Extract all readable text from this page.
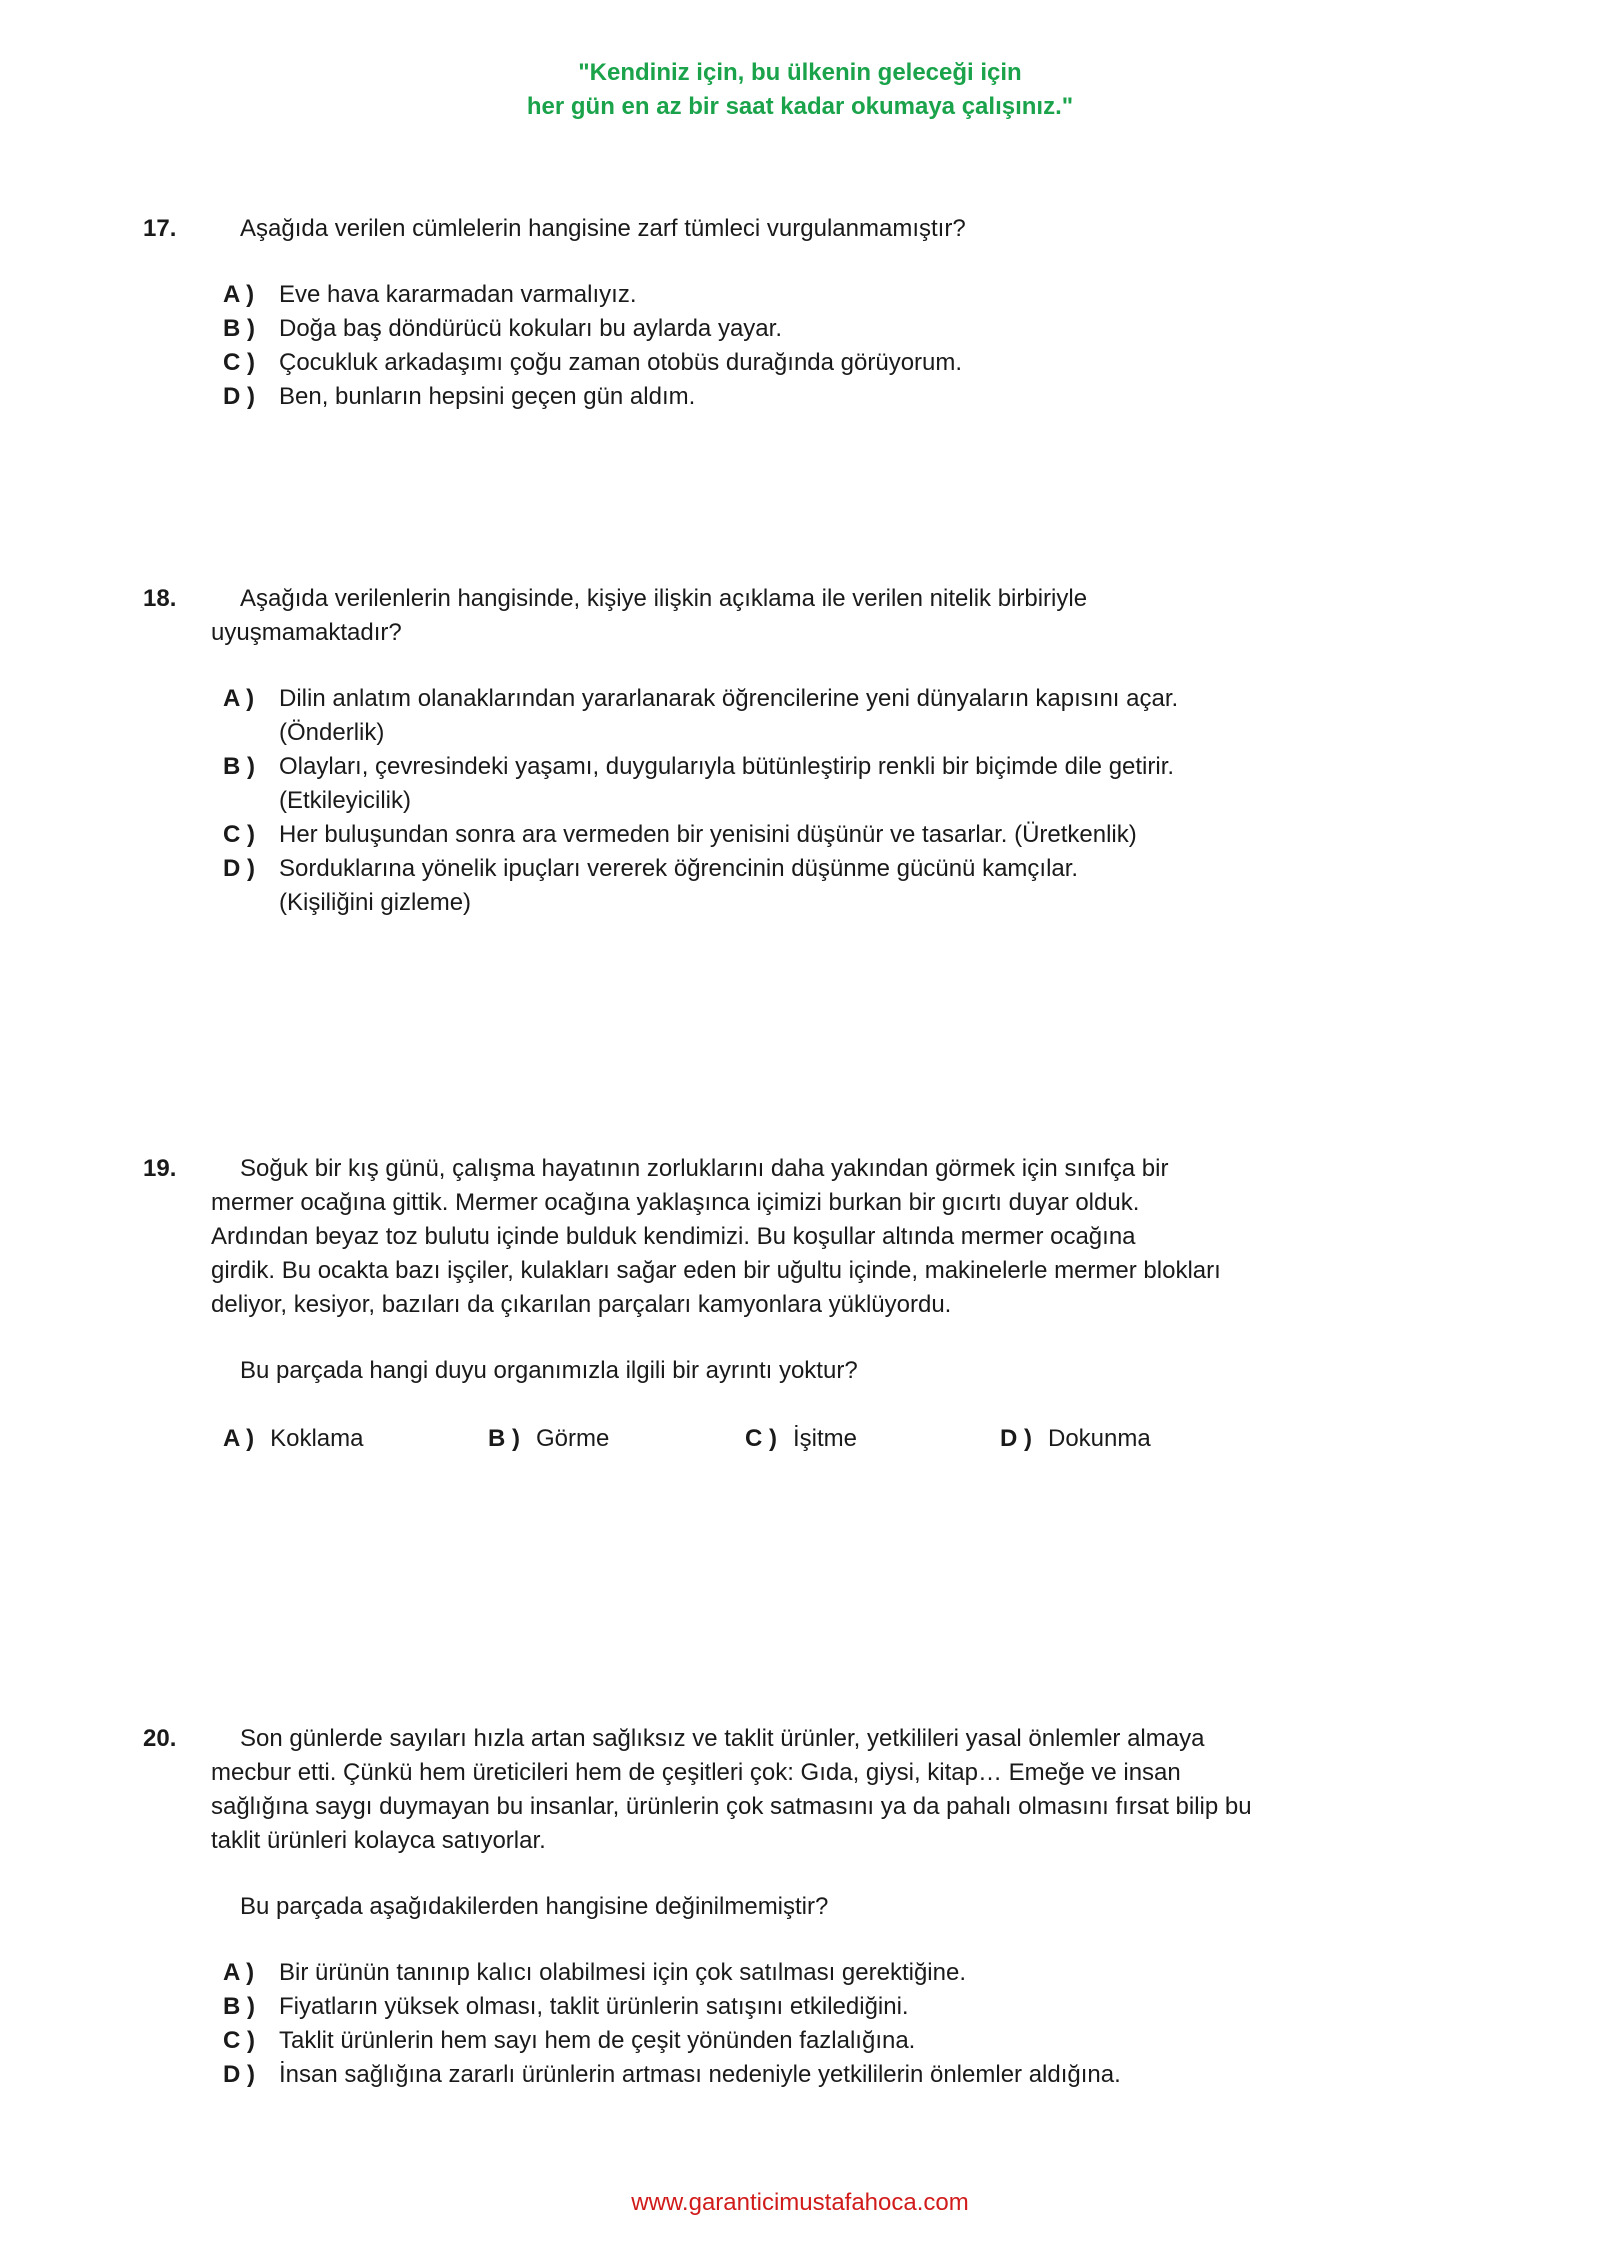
"Kendiniz için, bu ülkenin geleceği için
her gün en az bir saat kadar okumaya çalışınız."
17.	Aşağıda verilen cümlelerin hangisine zarf tümleci vurgulanmamıştır?
A ) Eve hava kararmadan varmalıyız.
B ) Doğa baş döndürücü kokuları bu aylarda yayar.
C ) Çocukluk arkadaşımı çoğu zaman otobüs durağında görüyorum.
D ) Ben, bunların hepsini geçen gün aldım.
18.	Aşağıda verilenlerin hangisinde, kişiye ilişkin açıklama ile verilen nitelik birbiriyle
uyuşmamaktadır?
A ) Dilin anlatım olanaklarından yararlanarak öğrencilerine yeni dünyaların kapısını açar.
(Önderlik)
B ) Olayları, çevresindeki yaşamı, duygularıyla bütünleştirip renkli bir biçimde dile getirir.
(Etkileyicilik)
C ) Her buluşundan sonra ara vermeden bir yenisini düşünür ve tasarlar. (Üretkenlik)
D ) Sorduklarına yönelik ipuçları vererek öğrencinin düşünme gücünü kamçılar.
(Kişiliğini gizleme)
19.	Soğuk bir kış günü, çalışma hayatının zorluklarını daha yakından görmek için sınıfça bir
mermer ocağına gittik. Mermer ocağına yaklaşınca içimizi burkan bir gıcırtı duyar olduk.
Ardından beyaz toz bulutu içinde bulduk kendimizi. Bu koşullar altında mermer ocağına
girdik. Bu ocakta bazı işçiler, kulakları sağar eden bir uğultu içinde, makinelerle mermer blokları
deliyor, kesiyor, bazıları da çıkarılan parçaları kamyonlara yüklüyordu.
Bu parçada hangi duyu organımızla ilgili bir ayrıntı yoktur?
A ) Koklama	B ) Görme	C ) İşitme	D ) Dokunma
20.	Son günlerde sayıları hızla artan sağlıksız ve taklit ürünler, yetkilileri yasal önlemler almaya
mecbur etti. Çünkü hem üreticileri hem de çeşitleri çok: Gıda, giysi, kitap… Emeğe ve insan
sağlığına saygı duymayan bu insanlar, ürünlerin çok satmasını ya da pahalı olmasını fırsat bilip bu
taklit ürünleri kolayca satıyorlar.
Bu parçada aşağıdakilerden hangisine değinilmemiştir?
A ) Bir ürünün tanınıp kalıcı olabilmesi için çok satılması gerektiğine.
B ) Fiyatların yüksek olması, taklit ürünlerin satışını etkilediğini.
C ) Taklit ürünlerin hem sayı hem de çeşit yönünden fazlalığına.
D ) İnsan sağlığına zararlı ürünlerin artması nedeniyle yetkililerin önlemler aldığına.
www.garanticimustafahoca.com
